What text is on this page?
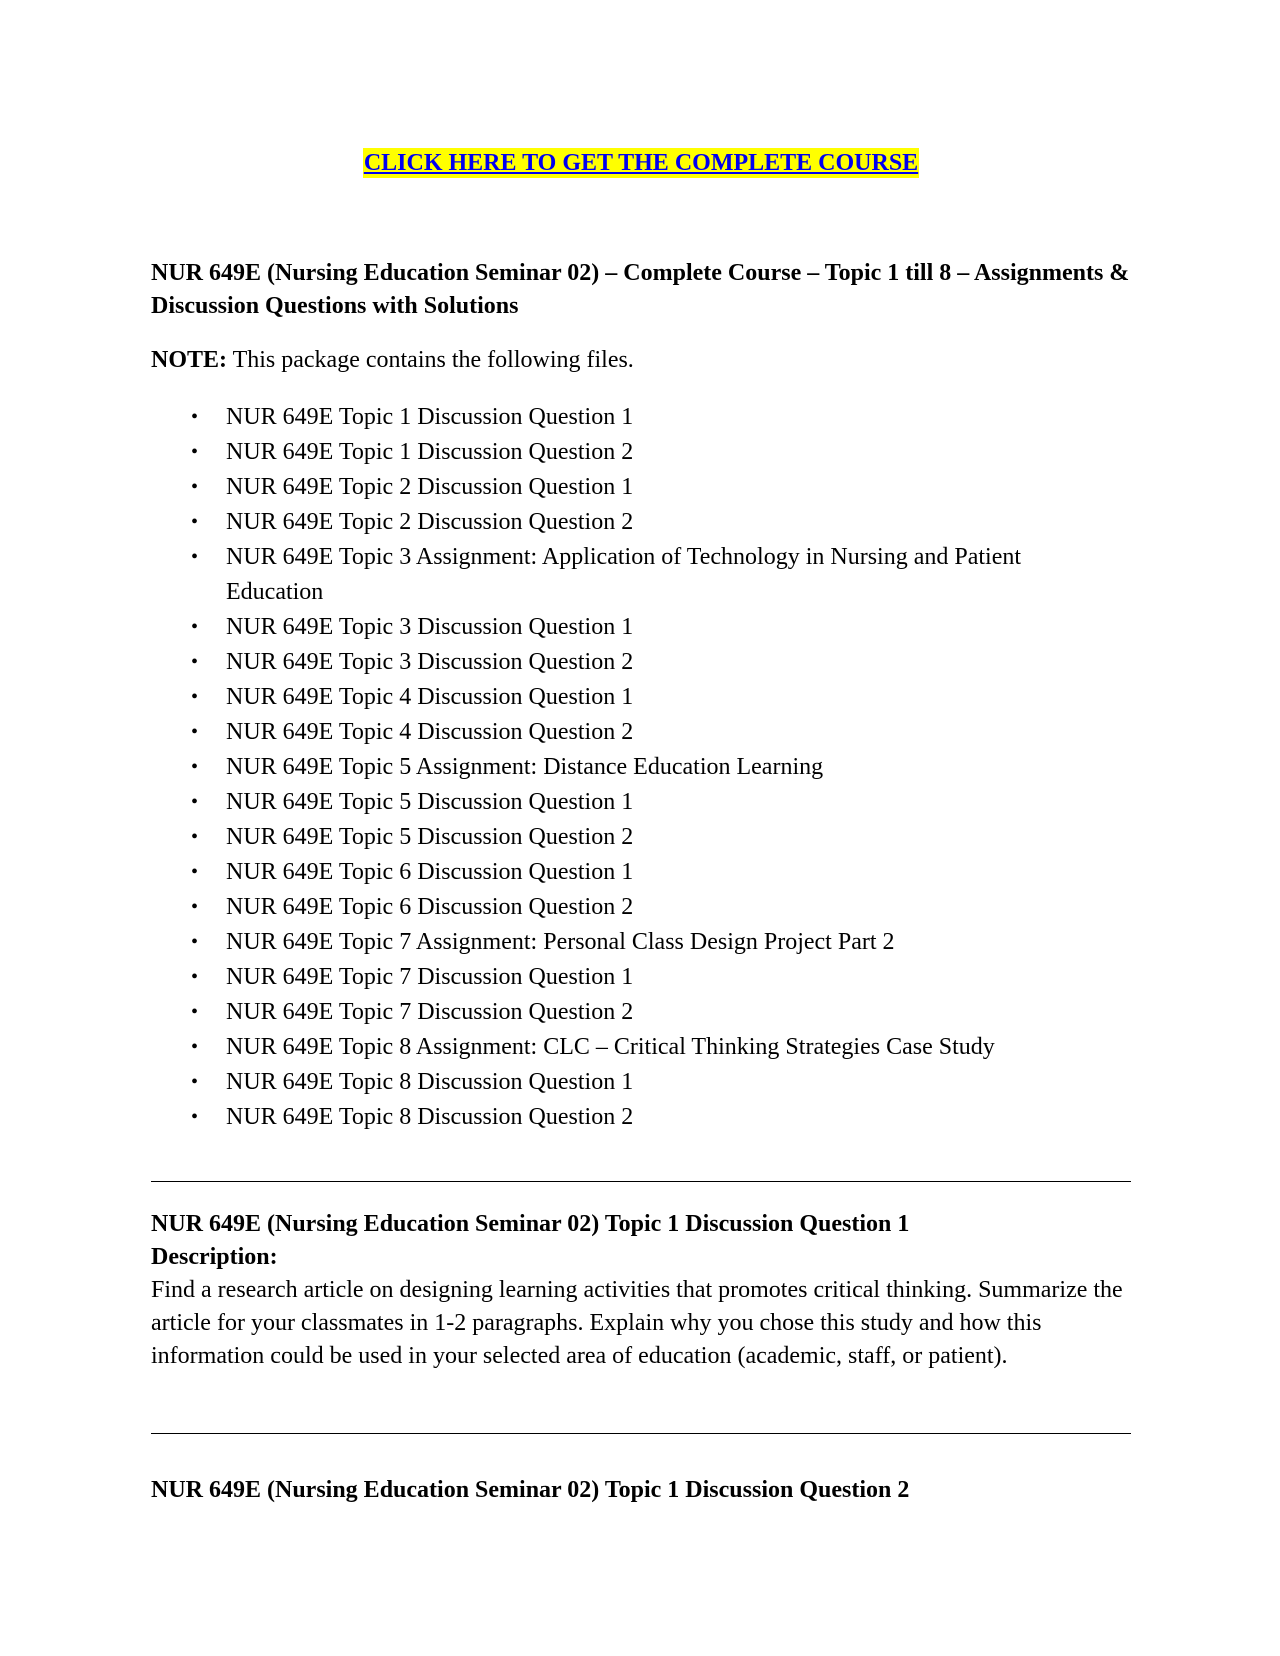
CLICK HERE TO GET THE COMPLETE COURSE

NUR 649E (Nursing Education Seminar 02) – Complete Course – Topic 1 till 8 – Assignments & Discussion Questions with Solutions

NOTE: This package contains the following files.

• NUR 649E Topic 1 Discussion Question 1
• NUR 649E Topic 1 Discussion Question 2
• NUR 649E Topic 2 Discussion Question 1
• NUR 649E Topic 2 Discussion Question 2
• NUR 649E Topic 3 Assignment: Application of Technology in Nursing and Patient Education
• NUR 649E Topic 3 Discussion Question 1
• NUR 649E Topic 3 Discussion Question 2
• NUR 649E Topic 4 Discussion Question 1
• NUR 649E Topic 4 Discussion Question 2
• NUR 649E Topic 5 Assignment: Distance Education Learning
• NUR 649E Topic 5 Discussion Question 1
• NUR 649E Topic 5 Discussion Question 2
• NUR 649E Topic 6 Discussion Question 1
• NUR 649E Topic 6 Discussion Question 2
• NUR 649E Topic 7 Assignment: Personal Class Design Project Part 2
• NUR 649E Topic 7 Discussion Question 1
• NUR 649E Topic 7 Discussion Question 2
• NUR 649E Topic 8 Assignment: CLC – Critical Thinking Strategies Case Study
• NUR 649E Topic 8 Discussion Question 1
• NUR 649E Topic 8 Discussion Question 2

NUR 649E (Nursing Education Seminar 02) Topic 1 Discussion Question 1

Description:

Find a research article on designing learning activities that promotes critical thinking. Summarize the article for your classmates in 1-2 paragraphs. Explain why you chose this study and how this information could be used in your selected area of education (academic, staff, or patient).

NUR 649E (Nursing Education Seminar 02) Topic 1 Discussion Question 2
